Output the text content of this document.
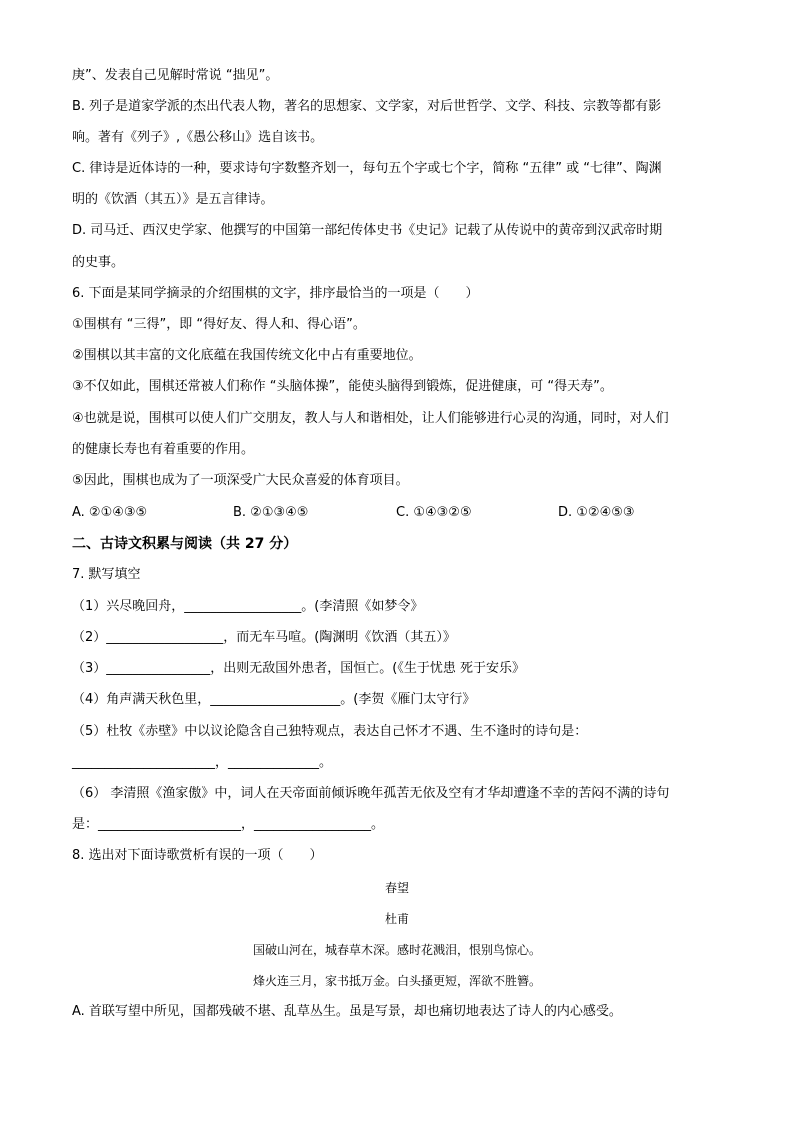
庚”、发表自己见解时常说 “拙见”。
B. 列子是道家学派的杰出代表人物，著名的思想家、文学家，对后世哲学、文学、科技、宗教等都有影
响。著有《列子》,《愚公移山》选自该书。
C. 律诗是近体诗的一种，要求诗句字数整齐划一，每句五个字或七个字，简称 “五律” 或 “七律”、陶渊
明的《饮酒（其五）》是五言律诗。
D. 司马迁、西汉史学家、他撰写的中国第一部纪传体史书《史记》记载了从传说中的黄帝到汉武帝时期
的史事。
6. 下面是某同学摘录的介绍围棋的文字，排序最恰当的一项是（　　）
①围棋有 “三得”，即 “得好友、得人和、得心语”。
②围棋以其丰富的文化底蕴在我国传统文化中占有重要地位。
③不仅如此，围棋还常被人们称作 “头脑体操”，能使头脑得到锻炼，促进健康，可 “得天寿”。
④也就是说，围棋可以使人们广交朋友，教人与人和谐相处，让人们能够进行心灵的沟通，同时，对人们
的健康长寿也有着重要的作用。
⑤因此，围棋也成为了一项深受广大民众喜爱的体育项目。
A. ②①④③⑤	B. ②①③④⑤	C. ①④③②⑤	D. ①②④⑤③
二、古诗文积累与阅读（共 27 分）
7. 默写填空
（1）兴尽晚回舟，__________________。(李清照《如梦令》
（2）__________________，而无车马喧。(陶渊明《饮酒（其五）》
（3）________________，出则无敌国外患者，国恒亡。(《生于忧患 死于安乐》
（4）角声满天秋色里，____________________。(李贺《雁门太守行》
（5）杜牧《赤壁》中以议论隐含自己独特观点，表达自己怀才不遇、生不逢时的诗句是：
______________________，______________。
（6） 李清照《渔家傲》中，词人在天帝面前倾诉晚年孤苦无依及空有才华却遭逢不幸的苦闷不满的诗句
是：______________________，__________________。
8. 选出对下面诗歌赏析有误的一项（　　）
春望
杜甫
国破山河在，城春草木深。感时花溅泪，恨别鸟惊心。
烽火连三月，家书抵万金。白头搔更短，浑欲不胜簪。
A. 首联写望中所见，国都残破不堪、乱草丛生。虽是写景，却也痛切地表达了诗人的内心感受。
